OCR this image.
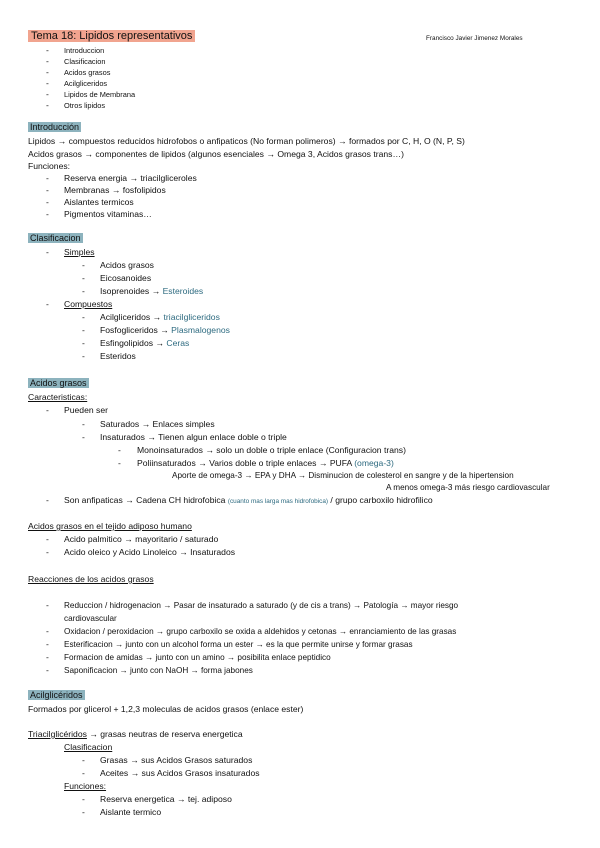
Tema 18: Lipidos representativos	Francisco Javier Jimenez Morales
- Introduccion
- Clasificacion
- Acidos grasos
- Acilgliceridos
- Lipidos de Membrana
- Otros lipidos
Introducción
Lipidos → compuestos reducidos hidrofobos o anfipaticos (No forman polimeros) → formados por C, H, O (N, P, S)
Acidos grasos → componentes de lipidos (algunos esenciales → Omega 3, Acidos grasos trans…)
Funciones:
- Reserva energia → triacilgliceroles
- Membranas → fosfolipidos
- Aislantes termicos
- Pigmentos vitaminas…
Clasificacion
- Simples
- Acidos grasos
- Eicosanoides
- Isoprenoides → Esteroides
- Compuestos
- Acilgliceridos → triacilgliceridos
- Fosfogliceridos → Plasmalogenos
- Esfingolipidos → Ceras
- Esteridos
Acidos grasos
Caracteristicas:
- Pueden ser
- Saturados → Enlaces simples
- Insaturados → Tienen algun enlace doble o triple
- Monoinsaturados → solo un doble o triple enlace (Configuracion trans)
- Poliinsaturados → Varios doble o triple enlaces → PUFA (omega-3)
Aporte de omega-3 → EPA y DHA → Disminucion de colesterol en sangre y de la hipertension
A menos omega-3 más riesgo cardiovascular
- Son anfipaticas → Cadena CH hidrofobica (cuanto mas larga mas hidrofobica) / grupo carboxilo hidrofilico
Acidos grasos en el tejido adiposo humano
- Acido palmitico → mayoritario / saturado
- Acido oleico y Acido Linoleico → Insaturados
Reacciones de los acidos grasos
- Reduccion / hidrogenacion → Pasar de insaturado a saturado (y de cis a trans) → Patología → mayor riesgo
cardiovascular
- Oxidacion / peroxidacion → grupo carboxilo se oxida a aldehidos y cetonas → enranciamiento de las grasas
- Esterificacion → junto con un alcohol forma un ester → es la que permite unirse y formar grasas
- Formacion de amidas → junto con un amino → posibilita enlace peptidico
- Saponificacion → junto con NaOH → forma jabones
Acilglicéridos
Formados por glicerol + 1,2,3 moleculas de acidos grasos (enlace ester)
Triacilglicéridos → grasas neutras de reserva energetica
Clasificacion
- Grasas → sus Acidos Grasos saturados
- Aceites → sus Acidos Grasos insaturados
Funciones:
- Reserva energetica → tej. adiposo
- Aislante termico
